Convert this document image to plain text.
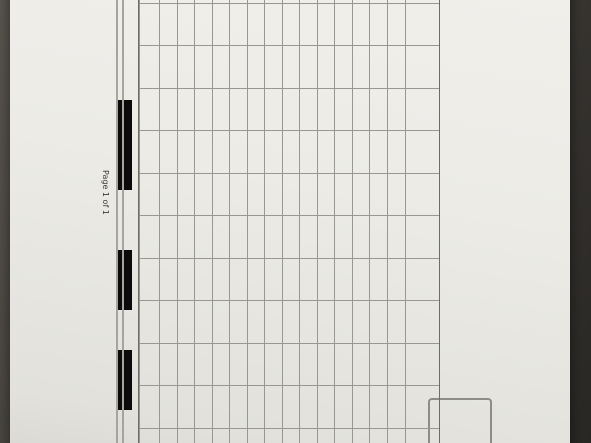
Page 1 of 1
